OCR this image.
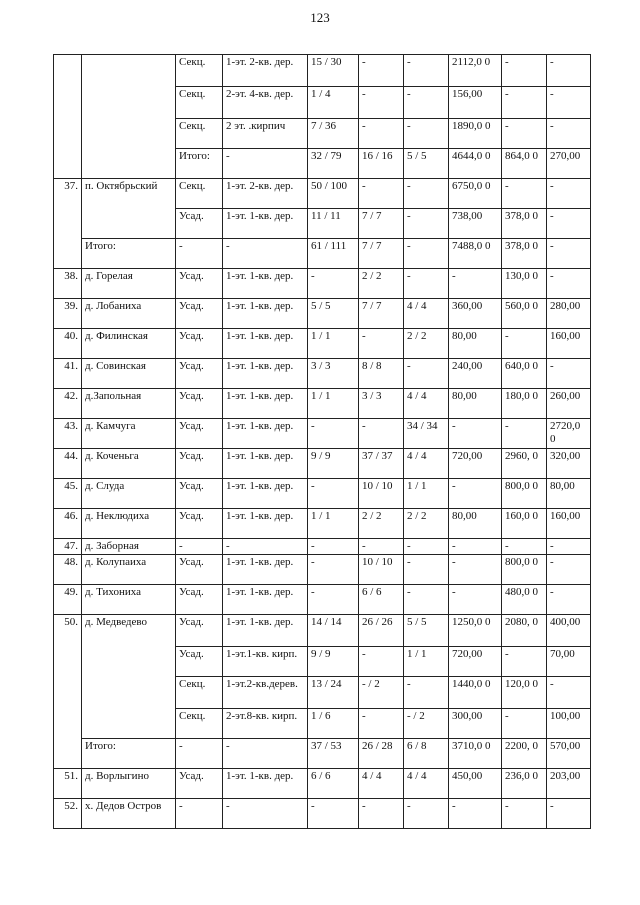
123
		Секц.	1-эт. 2-кв. дер.	15 / 30	-	-	2112,0 0	-	-
		Секц.	2-эт. 4-кв. дер.	1 / 4	-	-	156,00	-	-
		Секц.	2 эт. .кирпич	7 / 36	-	-	1890,0 0	-	-
		Итого:	-	32 / 79	16 / 16	5 / 5	4644,0 0	864,0 0	270,00
37.	п. Октябрьский	Секц.	1-эт. 2-кв. дер.	50 / 100	-	-	6750,0 0	-	-
		Усад.	1-эт. 1-кв. дер.	11 / 11	7 / 7	-	738,00	378,0 0	-
	Итого:	-	-	61 / 111	7 / 7	-	7488,0 0	378,0 0	-
38.	д. Горелая	Усад.	1-эт. 1-кв. дер.	-	2 / 2	-	-	130,0 0	-
39.	д. Лобаниха	Усад.	1-эт. 1-кв. дер.	5 / 5	7 / 7	4 / 4	360,00	560,0 0	280,00
40.	д. Филинская	Усад.	1-эт. 1-кв. дер.	1 / 1	-	2 / 2	80,00	-	160,00
41.	д. Совинская	Усад.	1-эт. 1-кв. дер.	3 / 3	8 / 8	-	240,00	640,0 0	-
42.	д.Запольная	Усад.	1-эт. 1-кв. дер.	1 / 1	3 / 3	4 / 4	80,00	180,0 0	260,00
43.	д. Камчуга	Усад.	1-эт. 1-кв. дер.	-	-	34 / 34	-	-	2720,0 0
44.	д. Коченьга	Усад.	1-эт. 1-кв. дер.	9 / 9	37 / 37	4 / 4	720,00	2960, 0	320,00
45.	д. Слуда	Усад.	1-эт. 1-кв. дер.	-	10 / 10	1 / 1	-	800,0 0	80,00
46.	д. Неклюдиха	Усад.	1-эт. 1-кв. дер.	1 / 1	2 / 2	2 / 2	80,00	160,0 0	160,00
47.	д. Заборная	-	-	-	-	-	-	-	-
48.	д. Колупаиха	Усад.	1-эт. 1-кв. дер.	-	10 / 10	-	-	800,0 0	-
49.	д. Тихониха	Усад.	1-эт. 1-кв. дер.	-	6 / 6	-	-	480,0 0	-
50.	д. Медведево	Усад.	1-эт. 1-кв. дер.	14 / 14	26 / 26	5 / 5	1250,0 0	2080, 0	400,00
		Усад.	1-эт.1-кв. кирп.	9 / 9	-	1 / 1	720,00	-	70,00
		Секц.	1-эт.2-кв.дерев.	13 / 24	- / 2	-	1440,0 0	120,0 0	-
		Секц.	2-эт.8-кв. кирп.	1 / 6	-	- / 2	300,00	-	100,00
	Итого:	-	-	37 / 53	26 / 28	6 / 8	3710,0 0	2200, 0	570,00
51.	д. Ворлыгино	Усад.	1-эт. 1-кв. дер.	6 / 6	4 / 4	4 / 4	450,00	236,0 0	203,00
52.	х. Дедов Остров	-	-	-	-	-	-	-	-
